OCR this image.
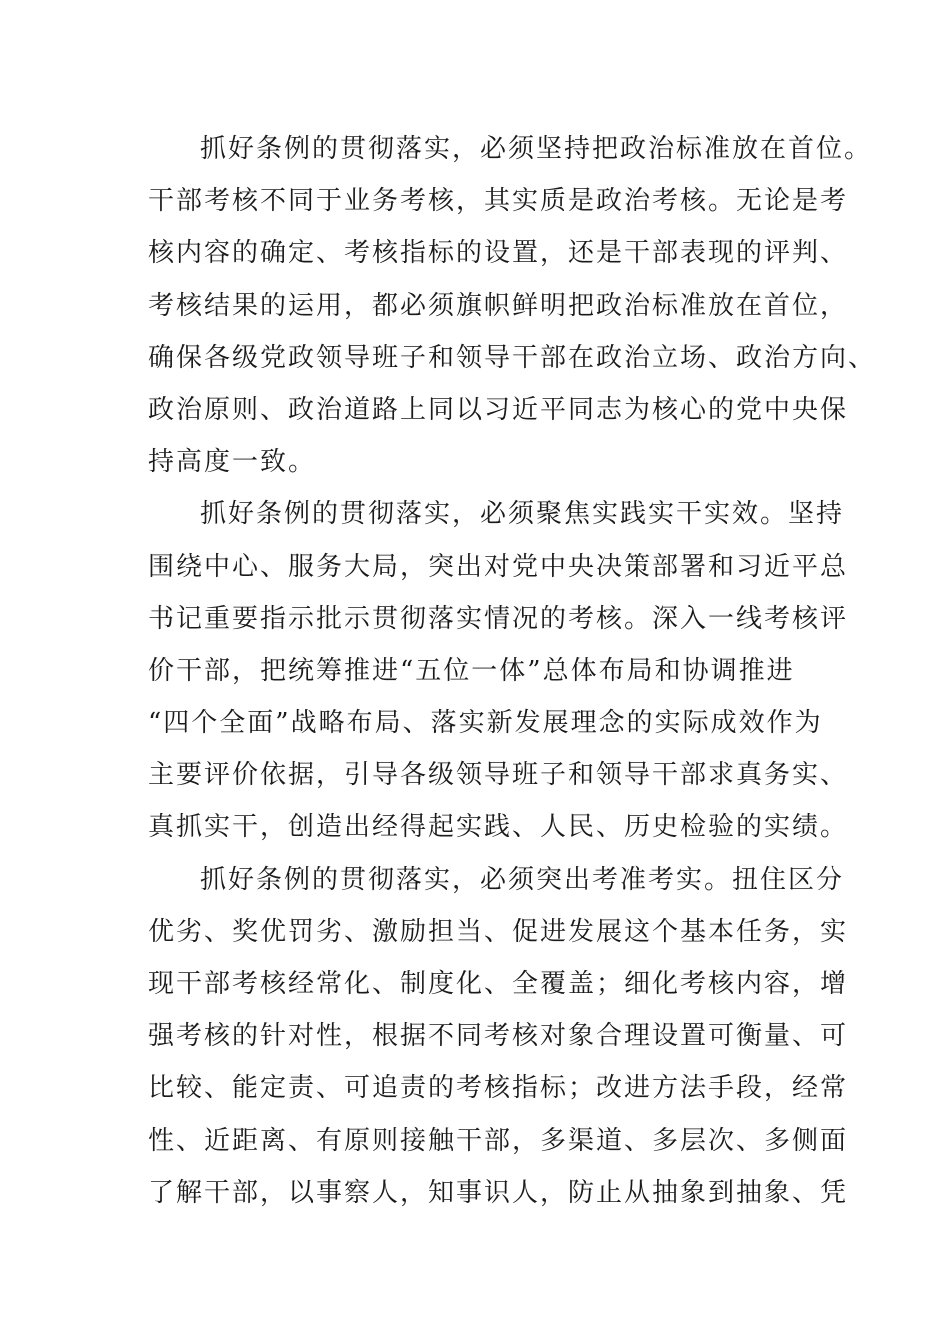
抓好条例的贯彻落实，必须坚持把政治标准放在首位。
干部考核不同于业务考核，其实质是政治考核。无论是考
核内容的确定、考核指标的设置，还是干部表现的评判、
考核结果的运用，都必须旗帜鲜明把政治标准放在首位，
确保各级党政领导班子和领导干部在政治立场、政治方向、
政治原则、政治道路上同以习近平同志为核心的党中央保
持高度一致。
抓好条例的贯彻落实，必须聚焦实践实干实效。坚持
围绕中心、服务大局，突出对党中央决策部署和习近平总
书记重要指示批示贯彻落实情况的考核。深入一线考核评
价干部，把统筹推进“五位一体”总体布局和协调推进
“四个全面”战略布局、落实新发展理念的实际成效作为
主要评价依据，引导各级领导班子和领导干部求真务实、
真抓实干，创造出经得起实践、人民、历史检验的实绩。
抓好条例的贯彻落实，必须突出考准考实。扭住区分
优劣、奖优罚劣、激励担当、促进发展这个基本任务，实
现干部考核经常化、制度化、全覆盖；细化考核内容，增
强考核的针对性，根据不同考核对象合理设置可衡量、可
比较、能定责、可追责的考核指标；改进方法手段，经常
性、近距离、有原则接触干部，多渠道、多层次、多侧面
了解干部，以事察人，知事识人，防止从抽象到抽象、凭
